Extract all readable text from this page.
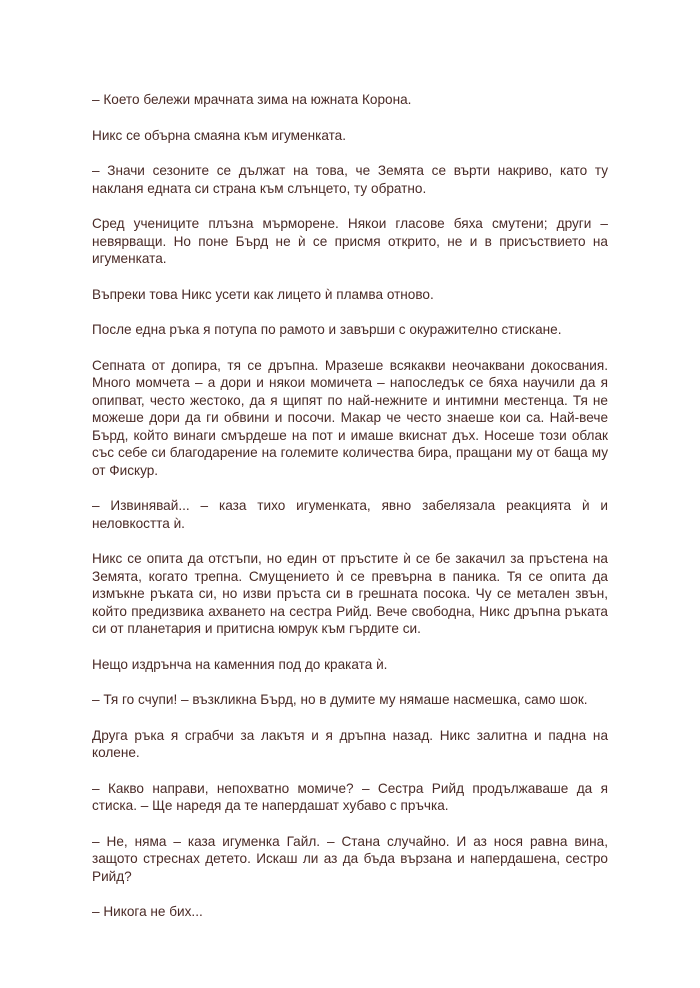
– Което бележи мрачната зима на южната Корона.

Никс се обърна смаяна към игуменката.

– Значи сезоните се дължат на това, че Земята се върти накриво, като ту накланя едната си страна към слънцето, ту обратно.

Сред учениците плъзна мърморене. Някои гласове бяха смутени; други – невярващи. Но поне Бърд не ѝ се присмя открито, не и в присъствието на игуменката.

Въпреки това Никс усети как лицето ѝ пламва отново.

После една ръка я потупа по рамото и завърши с окуражително стискане.

Сепната от допира, тя се дръпна. Мразеше всякакви неочаквани докосвания. Много момчета – а дори и някои момичета – напоследък се бяха научили да я опипват, често жестоко, да я щипят по най-нежните и интимни местенца. Тя не можеше дори да ги обвини и посочи. Макар че често знаеше кои са. Най-вече Бърд, който винаги смърдеше на пот и имаше вкиснат дъх. Носеше този облак със себе си благодарение на големите количества бира, пращани му от баща му от Фискур.

– Извинявай... – каза тихо игуменката, явно забелязала реакцията ѝ и неловкостта ѝ.

Никс се опита да отстъпи, но един от пръстите ѝ се бе закачил за пръстена на Земята, когато трепна. Смущението ѝ се превърна в паника. Тя се опита да измъкне ръката си, но изви пръста си в грешната посока. Чу се метален звън, който предизвика ахването на сестра Рийд. Вече свободна, Никс дръпна ръката си от планетария и притисна юмрук към гърдите си.

Нещо издрънча на каменния под до краката ѝ.

– Тя го счупи! – възкликна Бърд, но в думите му нямаше насмешка, само шок.

Друга ръка я сграбчи за лакътя и я дръпна назад. Никс залитна и падна на колене.

– Какво направи, непохватно момиче? – Сестра Рийд продължаваше да я стиска. – Ще наредя да те напердашат хубаво с пръчка.

– Не, няма – каза игуменка Гайл. – Стана случайно. И аз нося равна вина, защото стреснах детето. Искаш ли аз да бъда вързана и напердашена, сестро Рийд?

– Никога не бих...
